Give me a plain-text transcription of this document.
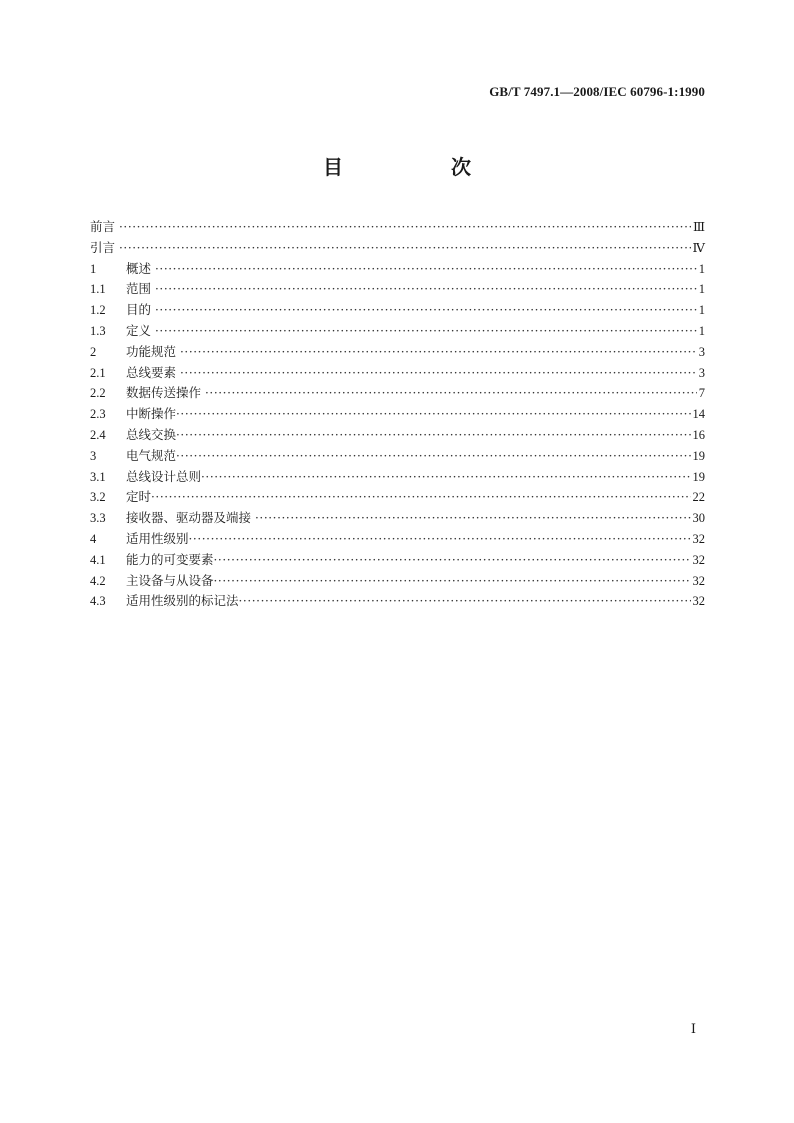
GB/T 7497.1—2008/IEC 60796-1:1990
目　次
前言 ·····	Ⅲ
引言 ·····	Ⅳ
1	概述 ·····	1
1.1	范围 ·····	1
1.2	目的 ·····	1
1.3	定义 ·····	1
2	功能规范 ·····	3
2.1	总线要素 ·····	3
2.2	数据传送操作 ·····	7
2.3	中断操作 ·····	14
2.4	总线交换 ·····	16
3	电气规范 ·····	19
3.1	总线设计总则 ·····	19
3.2	定时 ·····	22
3.3	接收器、驱动器及端接 ·····	30
4	适用性级别 ·····	32
4.1	能力的可变要素 ·····	32
4.2	主设备与从设备 ·····	32
4.3	适用性级别的标记法 ·····	32
Ⅰ
